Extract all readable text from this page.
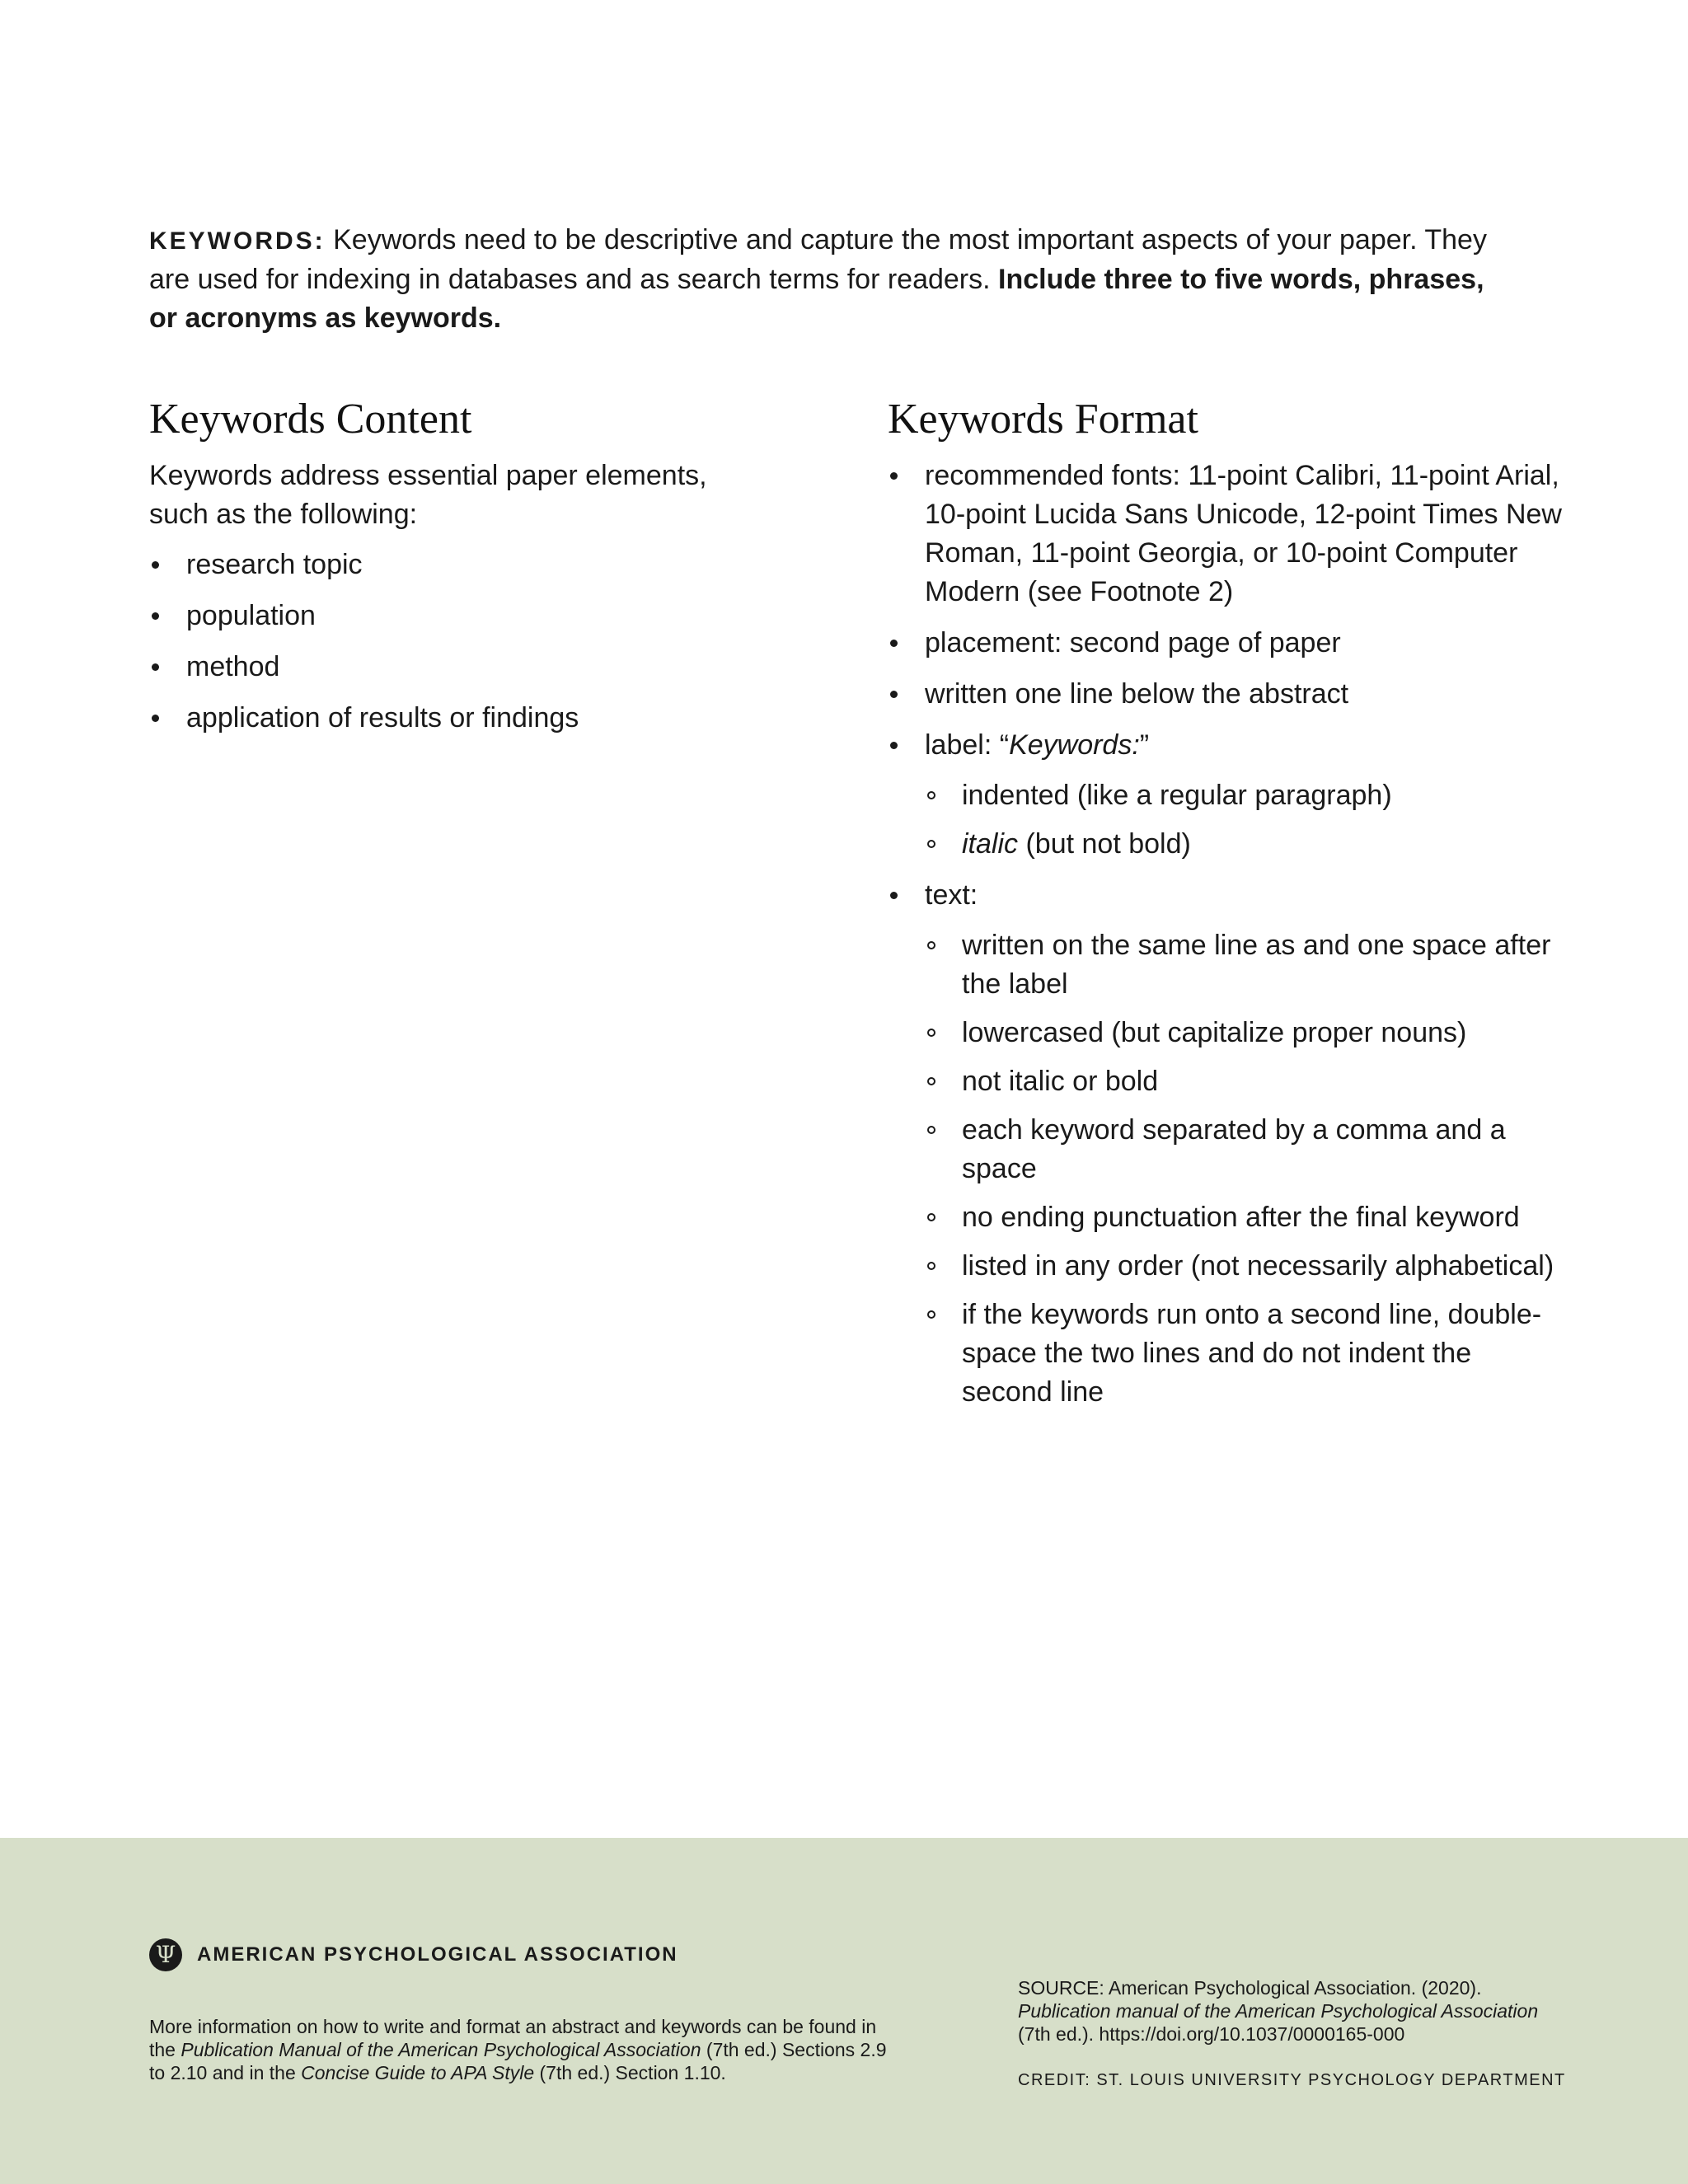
KEYWORDS: Keywords need to be descriptive and capture the most important aspects of your paper. They are used for indexing in databases and as search terms for readers. Include three to five words, phrases, or acronyms as keywords.

Keywords Content

Keywords address essential paper elements, such as the following:

research topic
population
method
application of results or findings
Keywords Format
recommended fonts: 11-point Calibri, 11-point Arial, 10-point Lucida Sans Unicode, 12-point Times New Roman, 11-point Georgia, or 10-point Computer Modern (see Footnote 2)
placement: second page of paper
written one line below the abstract
label: “Keywords:”
indented (like a regular paragraph)
italic (but not bold)
text:
written on the same line as and one space after the label
lowercased (but capitalize proper nouns)
not italic or bold
each keyword separated by a comma and a space
no ending punctuation after the final keyword
listed in any order (not necessarily alphabetical)
if the keywords run onto a second line, double-space the two lines and do not indent the second line
Ψ	AMERICAN PSYCHOLOGICAL ASSOCIATION

More information on how to write and format an abstract and keywords can be found in the Publication Manual of the American Psychological Association (7th ed.) Sections 2.9 to 2.10 and in the Concise Guide to APA Style (7th ed.) Section 1.10.

SOURCE: American Psychological Association. (2020). Publication manual of the American Psychological Association (7th ed.). https://doi.org/10.1037/0000165-000

CREDIT: ST. LOUIS UNIVERSITY PSYCHOLOGY DEPARTMENT
